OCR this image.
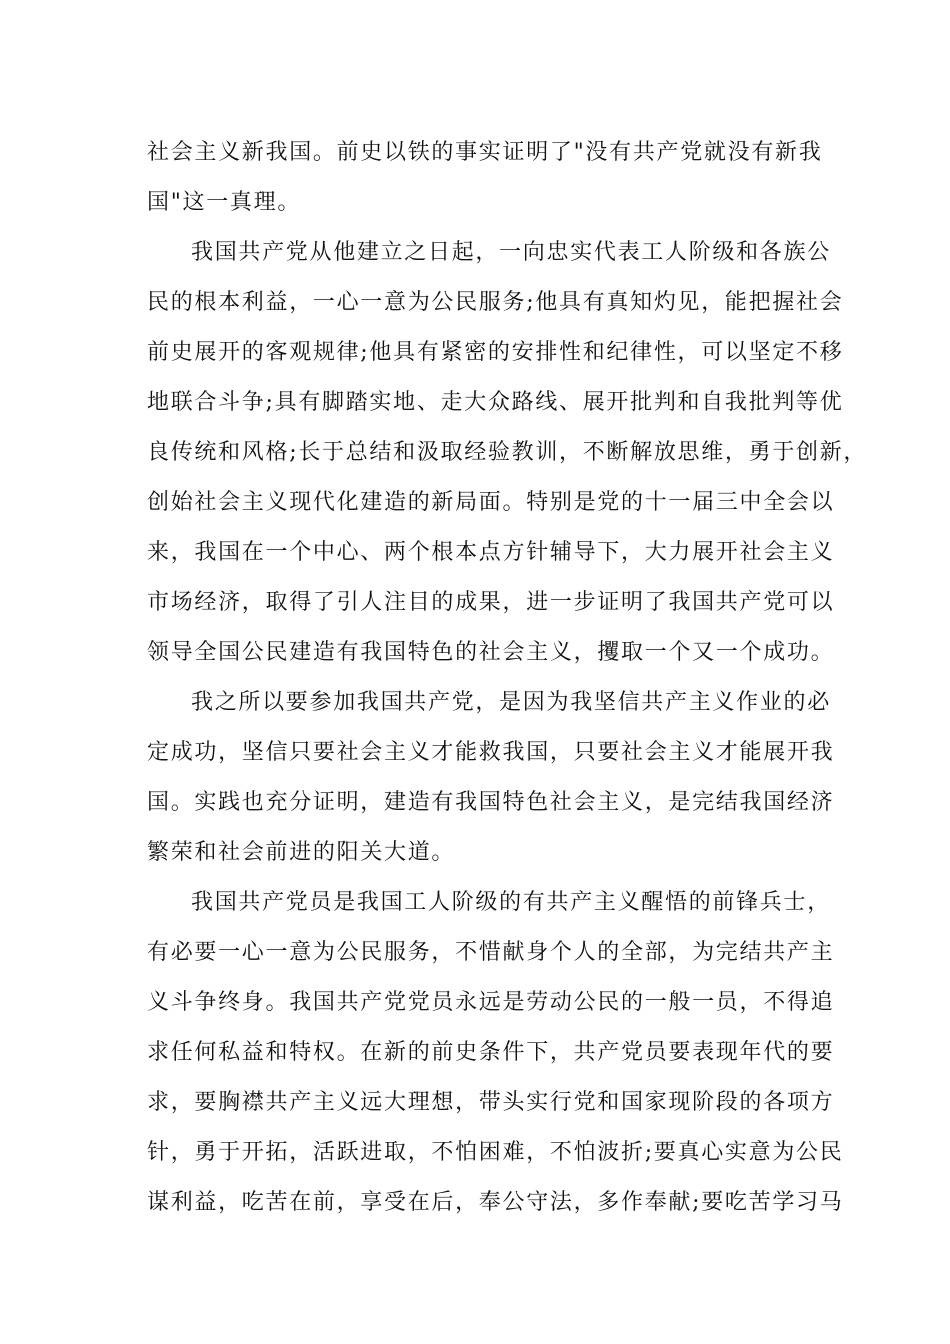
社会主义新我国。前史以铁的事实证明了"没有共产党就没有新我
国"这一真理。
我国共产党从他建立之日起，一向忠实代表工人阶级和各族公
民的根本利益，一心一意为公民服务;他具有真知灼见，能把握社会
前史展开的客观规律;他具有紧密的安排性和纪律性，可以坚定不移
地联合斗争;具有脚踏实地、走大众路线、展开批判和自我批判等优
良传统和风格;长于总结和汲取经验教训，不断解放思维，勇于创新，
创始社会主义现代化建造的新局面。特别是党的十一届三中全会以
来，我国在一个中心、两个根本点方针辅导下，大力展开社会主义
市场经济，取得了引人注目的成果，进一步证明了我国共产党可以
领导全国公民建造有我国特色的社会主义，攫取一个又一个成功。
我之所以要参加我国共产党，是因为我坚信共产主义作业的必
定成功，坚信只要社会主义才能救我国，只要社会主义才能展开我
国。实践也充分证明，建造有我国特色社会主义，是完结我国经济
繁荣和社会前进的阳关大道。
我国共产党员是我国工人阶级的有共产主义醒悟的前锋兵士，
有必要一心一意为公民服务，不惜献身个人的全部，为完结共产主
义斗争终身。我国共产党党员永远是劳动公民的一般一员，不得追
求任何私益和特权。在新的前史条件下，共产党员要表现年代的要
求，要胸襟共产主义远大理想，带头实行党和国家现阶段的各项方
针，勇于开拓，活跃进取，不怕困难，不怕波折;要真心实意为公民
谋利益，吃苦在前，享受在后，奉公守法，多作奉献;要吃苦学习马
